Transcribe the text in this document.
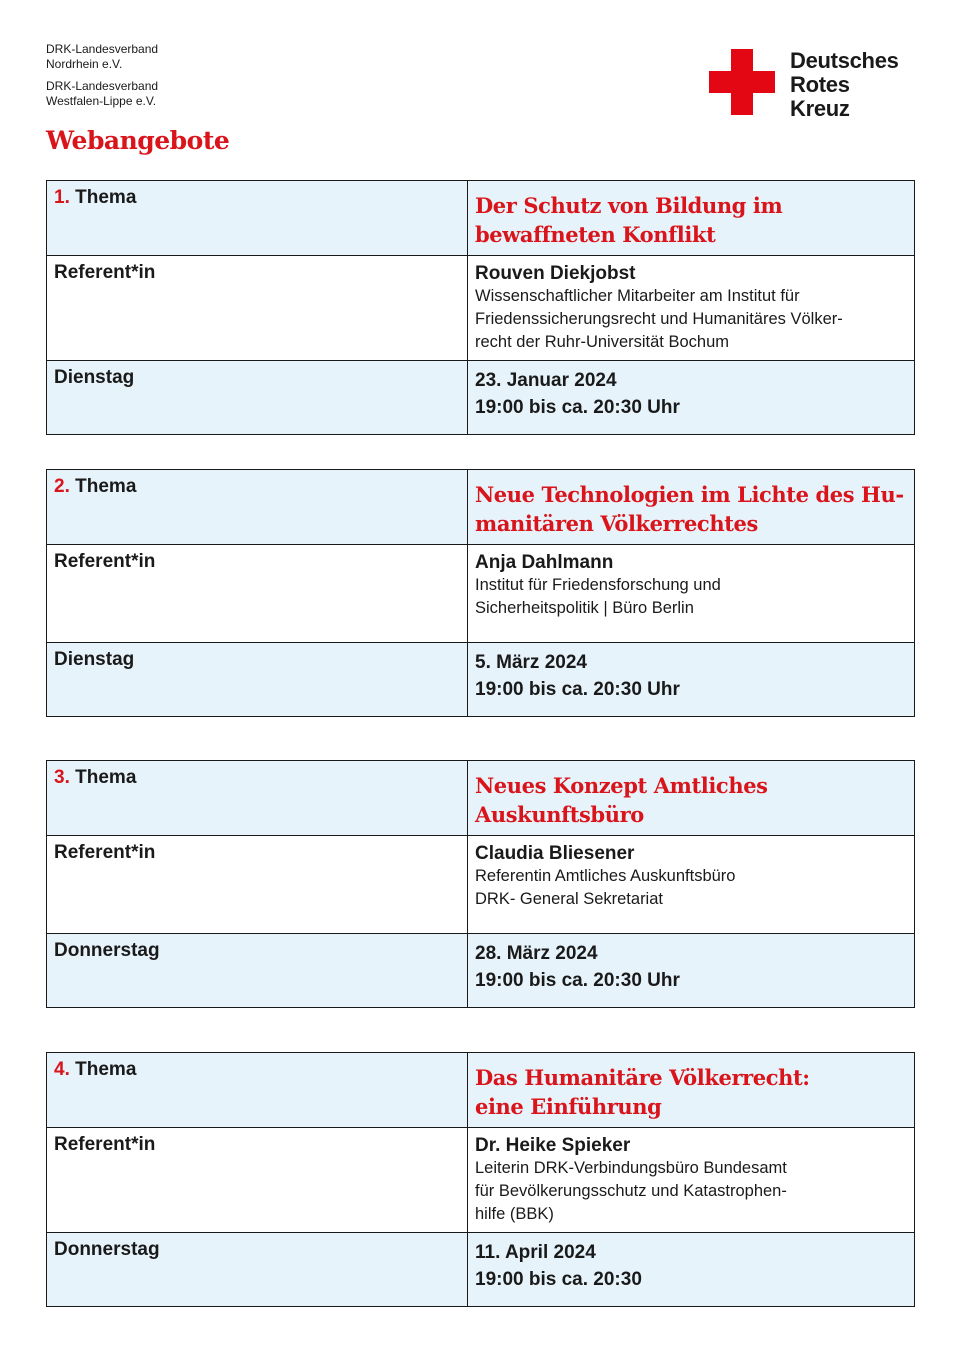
DRK-Landesverband
Nordrhein e.V.
DRK-Landesverband
Westfalen-Lippe e.V.
Deutsches
Rotes
Kreuz
Webangebote
1. Thema	Der Schutz von Bildung im
bewaffneten Konflikt

Referent*in	Rouven Diekjobst
Wissenschaftlicher Mitarbeiter am Institut für
Friedenssicherungsrecht und Humanitäres Völker-
recht der Ruhr-Universität Bochum

Dienstag	23. Januar 2024
19:00 bis ca. 20:30 Uhr
2. Thema	Neue Technologien im Lichte des Hu-
manitären Völkerrechtes

Referent*in	Anja Dahlmann
Institut für Friedensforschung und
Sicherheitspolitik | Büro Berlin

Dienstag	5. März 2024
19:00 bis ca. 20:30 Uhr
3. Thema	Neues Konzept Amtliches
Auskunftsbüro

Referent*in	Claudia Bliesener
Referentin Amtliches Auskunftsbüro
DRK- General Sekretariat

Donnerstag	28. März 2024
19:00 bis ca. 20:30 Uhr
4. Thema	Das Humanitäre Völkerrecht:
eine Einführung

Referent*in	Dr. Heike Spieker
Leiterin DRK-Verbindungsbüro Bundesamt
für Bevölkerungsschutz und Katastrophen-
hilfe (BBK)

Donnerstag	11. April 2024
19:00 bis ca. 20:30
